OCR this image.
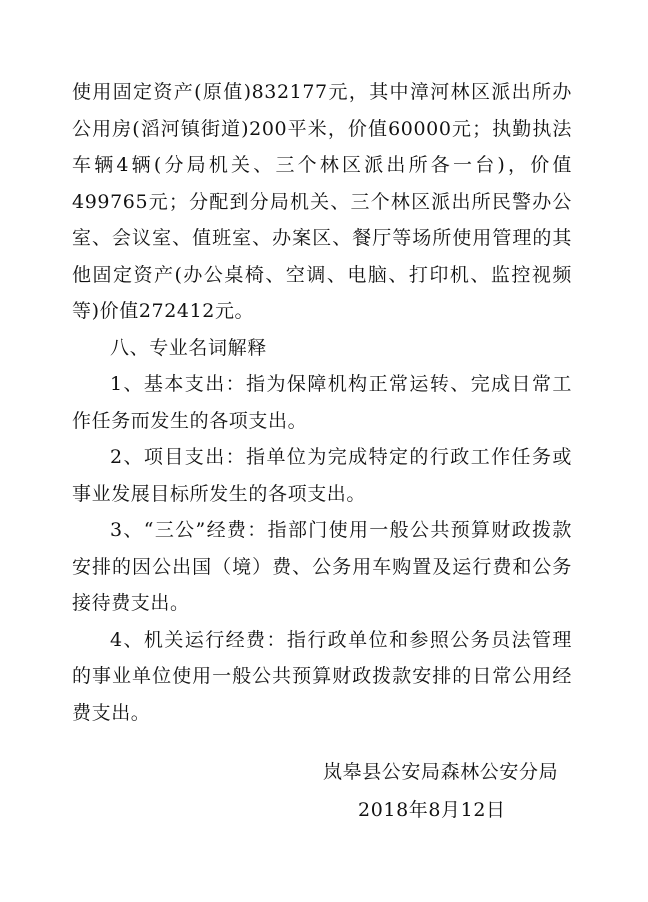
使用固定资产(原值)832177元，其中漳河林区派出所办公用房(滔河镇街道)200平米，价值60000元；执勤执法车辆4辆(分局机关、三个林区派出所各一台)，价值499765元；分配到分局机关、三个林区派出所民警办公室、会议室、值班室、办案区、餐厅等场所使用管理的其他固定资产(办公桌椅、空调、电脑、打印机、监控视频等)价值272412元。

八、专业名词解释

1、基本支出：指为保障机构正常运转、完成日常工作任务而发生的各项支出。

2、项目支出：指单位为完成特定的行政工作任务或事业发展目标所发生的各项支出。

3、“三公”经费：指部门使用一般公共预算财政拨款安排的因公出国（境）费、公务用车购置及运行费和公务接待费支出。

4、机关运行经费：指行政单位和参照公务员法管理的事业单位使用一般公共预算财政拨款安排的日常公用经费支出。

岚皋县公安局森林公安分局
2018年8月12日
